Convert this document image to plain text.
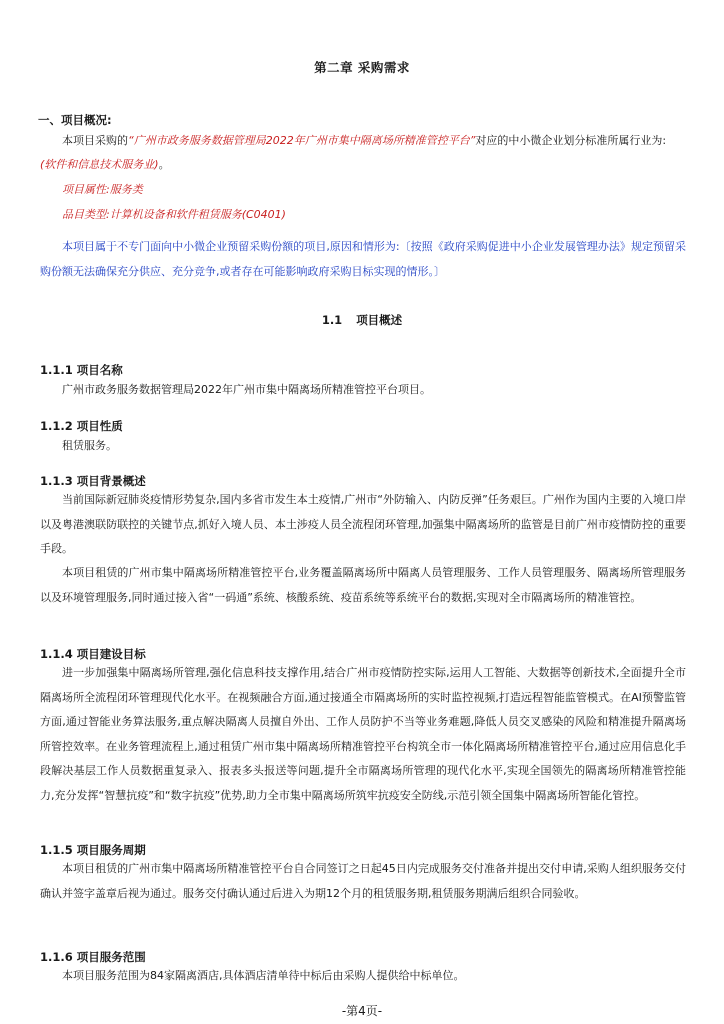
第二章 采购需求
一、项目概况:
本项目采购的“广州市政务服务数据管理局2022年广州市集中隔离场所精准管控平台”对应的中小微企业划分标准所属行业为:
(软件和信息技术服务业)。
项目属性:服务类
品目类型:计算机设备和软件租赁服务(C0401)
本项目属于不专门面向中小微企业预留采购份额的项目,原因和情形为:〔按照《政府采购促进中小企业发展管理办法》规定预留采购份额无法确保充分供应、充分竞争,或者存在可能影响政府采购目标实现的情形。〕
1.1 项目概述
1.1.1 项目名称
广州市政务服务数据管理局2022年广州市集中隔离场所精准管控平台项目。
1.1.2 项目性质
租赁服务。
1.1.3 项目背景概述
当前国际新冠肺炎疫情形势复杂,国内多省市发生本土疫情,广州市“外防输入、内防反弹”任务艰巨。广州作为国内主要的入境口岸以及粤港澳联防联控的关键节点,抓好入境人员、本土涉疫人员全流程闭环管理,加强集中隔离场所的监管是目前广州市疫情防控的重要手段。
本项目租赁的广州市集中隔离场所精准管控平台,业务覆盖隔离场所中隔离人员管理服务、工作人员管理服务、隔离场所管理服务以及环境管理服务,同时通过接入省“一码通”系统、核酸系统、疫苗系统等系统平台的数据,实现对全市隔离场所的精准管控。
1.1.4 项目建设目标
进一步加强集中隔离场所管理,强化信息科技支撑作用,结合广州市疫情防控实际,运用人工智能、大数据等创新技术,全面提升全市隔离场所全流程闭环管理现代化水平。在视频融合方面,通过接通全市隔离场所的实时监控视频,打造远程智能监管模式。在AI预警监管方面,通过智能业务算法服务,重点解决隔离人员擅自外出、工作人员防护不当等业务难题,降低人员交叉感染的风险和精准提升隔离场所管控效率。在业务管理流程上,通过租赁广州市集中隔离场所精准管控平台构筑全市一体化隔离场所精准管控平台,通过应用信息化手段解决基层工作人员数据重复录入、报表多头报送等问题,提升全市隔离场所管理的现代化水平,实现全国领先的隔离场所精准管控能力,充分发挥“智慧抗疫”和“数字抗疫”优势,助力全市集中隔离场所筑牢抗疫安全防线,示范引领全国集中隔离场所智能化管控。
1.1.5 项目服务周期
本项目租赁的广州市集中隔离场所精准管控平台自合同签订之日起45日内完成服务交付准备并提出交付申请,采购人组织服务交付确认并签字盖章后视为通过。服务交付确认通过后进入为期12个月的租赁服务期,租赁服务期满后组织合同验收。
1.1.6 项目服务范围
本项目服务范围为84家隔离酒店,具体酒店清单待中标后由采购人提供给中标单位。
-第4页-
